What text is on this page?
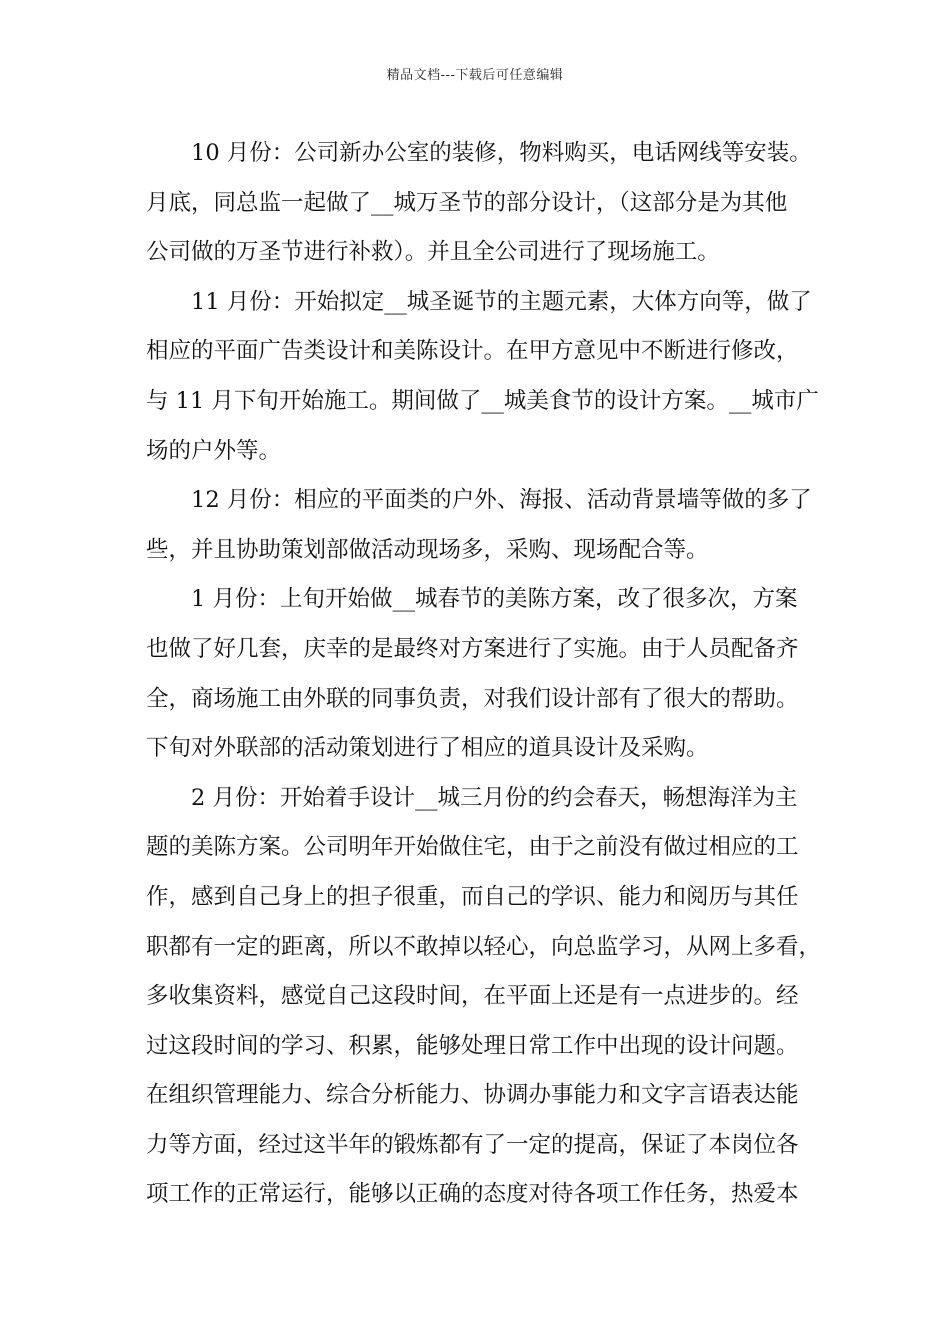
精品文档---下载后可任意编辑
10 月份：公司新办公室的装修，物料购买，电话网线等安装。
月底，同总监一起做了__城万圣节的部分设计，（这部分是为其他
公司做的万圣节进行补救）。并且全公司进行了现场施工。
11 月份：开始拟定__城圣诞节的主题元素，大体方向等，做了
相应的平面广告类设计和美陈设计。在甲方意见中不断进行修改，
与 11 月下旬开始施工。期间做了__城美食节的设计方案。__城市广
场的户外等。
12 月份：相应的平面类的户外、海报、活动背景墙等做的多了
些，并且协助策划部做活动现场多，采购、现场配合等。
1 月份：上旬开始做__城春节的美陈方案，改了很多次，方案
也做了好几套，庆幸的是最终对方案进行了实施。由于人员配备齐
全，商场施工由外联的同事负责，对我们设计部有了很大的帮助。
下旬对外联部的活动策划进行了相应的道具设计及采购。
2 月份：开始着手设计__城三月份的约会春天，畅想海洋为主
题的美陈方案。公司明年开始做住宅，由于之前没有做过相应的工
作，感到自己身上的担子很重，而自己的学识、能力和阅历与其任
职都有一定的距离，所以不敢掉以轻心，向总监学习，从网上多看，
多收集资料，感觉自己这段时间，在平面上还是有一点进步的。经
过这段时间的学习、积累，能够处理日常工作中出现的设计问题。
在组织管理能力、综合分析能力、协调办事能力和文字言语表达能
力等方面，经过这半年的锻炼都有了一定的提高，保证了本岗位各
项工作的正常运行，能够以正确的态度对待各项工作任务，热爱本
